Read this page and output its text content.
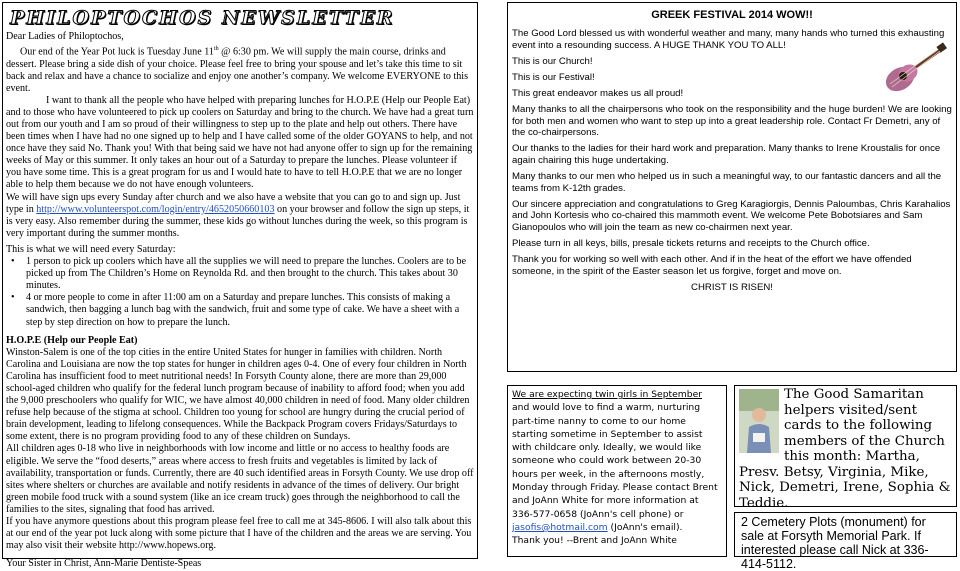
PHILOPTOCHOS NEWSLETTER

Dear Ladies of Philoptochos,

Our end of the Year Pot luck is Tuesday June 11th @ 6:30 pm. We will supply the main course, drinks and dessert. Please bring a side dish of your choice. Please feel free to bring your spouse and let’s take this time to sit back and relax and have a chance to socialize and enjoy one another’s company. We welcome EVERYONE to this event.

I want to thank all the people who have helped with preparing lunches for H.O.P.E (Help our People Eat) and to those who have volunteered to pick up coolers on Saturday and bring to the church. We have had a great turn out from our youth and I am so proud of their willingness to step up to the plate and help out others. There have been times when I have had no one signed up to help and I have called some of the older GOYANS to help, and not once have they said No. Thank you! With that being said we have not had anyone offer to sign up for the remaining weeks of May or this summer. It only takes an hour out of a Saturday to prepare the lunches. Please volunteer if you have some time. This is a great program for us and I would hate to have to tell H.O.P.E that we are no longer able to help them because we do not have enough volunteers.

We will have sign ups every Sunday after church and we also have a website that you can go to and sign up. Just type in http://www.volunteerspot.com/login/entry/4652050660103 on your browser and follow the sign up steps, it is very easy. Also remember during the summer, these kids go without lunches during the week, so this program is very important during the summer months.

This is what we will need every Saturday:

• 1 person to pick up coolers which have all the supplies we will need to prepare the lunches. Coolers are to be picked up from The Children’s Home on Reynolda Rd. and then brought to the church. This takes about 30 minutes.
• 4 or more people to come in after 11:00 am on a Saturday and prepare lunches. This consists of making a sandwich, then bagging a lunch bag with the sandwich, fruit and some type of cake. We have a sheet with a step by step direction on how to prepare the lunch.
H.O.P.E (Help our People Eat)

Winston-Salem is one of the top cities in the entire United States for hunger in families with children. North Carolina and Louisiana are now the top states for hunger in children ages 0-4. One of every four children in North Carolina has insufficient food to meet nutritional needs! In Forsyth County alone, there are more than 29,000 school-aged children who qualify for the federal lunch program because of inability to afford food; when you add the 9,000 preschoolers who qualify for WIC, we have almost 40,000 children in need of food. Many older children refuse help because of the stigma at school. Children too young for school are hungry during the crucial period of brain development, leading to lifelong consequences. While the Backpack Program covers Fridays/Saturdays to some extent, there is no program providing food to any of these children on Sundays.

All children ages 0-18 who live in neighborhoods with low income and little or no access to healthy foods are eligible. We serve the “food deserts,” areas where access to fresh fruits and vegetables is limited by lack of availability, transportation or funds. Currently, there are 40 such identified areas in Forsyth County. We use drop off sites where shelters or churches are available and notify residents in advance of the times of delivery. Our bright green mobile food truck with a sound system (like an ice cream truck) goes through the neighborhood to call the families to the sites, signaling that food has arrived.

If you have anymore questions about this program please feel free to call me at 345-8606. I will also talk about this at our end of the year pot luck along with some picture that I have of the children and the areas we are serving. You may also visit their website http://www.hopews.org.

Your Sister in Christ, Ann-Marie Dentiste-Speas

GREEK FESTIVAL 2014 WOW!!

The Good Lord blessed us with wonderful weather and many, many hands who turned this exhausting event into a resounding success. A HUGE THANK YOU TO ALL!

This is our Church!

This is our Festival!

This great endeavor makes us all proud!

Many thanks to all the chairpersons who took on the responsibility and the huge burden! We are looking for both men and women who want to step up into a great leadership role. Contact Fr Demetri, any of the co-chairpersons.

Our thanks to the ladies for their hard work and preparation. Many thanks to Irene Kroustalis for once again chairing this huge undertaking.

Many thanks to our men who helped us in such a meaningful way, to our fantastic dancers and all the teams from K-12th grades.

Our sincere appreciation and congratulations to Greg Karagiorgis, Dennis Paloumbas, Chris Karahalios and John Kortesis who co-chaired this mammoth event. We welcome Pete Bobotsiares and Sam Gianopoulos who will join the team as new co-chairmen next year.

Please turn in all keys, bills, presale tickets returns and receipts to the Church office.

Thank you for working so well with each other. And if in the heat of the effort we have offended someone, in the spirit of the Easter season let us forgive, forget and move on.

CHRIST IS RISEN!

We are expecting twin girls in September and would love to find a warm, nurturing part-time nanny to come to our home starting sometime in September to assist with childcare only. Ideally, we would like someone who could work between 20-30 hours per week, in the afternoons mostly, Monday through Friday. Please contact Brent and JoAnn White for more information at 336-577-0658 (JoAnn's cell phone) or jasofis@hotmail.com (JoAnn's email).
Thank you! --Brent and JoAnn White
The Good Samaritan helpers visited/sent cards to the following members of the Church this month: Martha, Presv. Betsy, Virginia, Mike, Nick, Demetri, Irene, Sophia & Teddie.
2 Cemetery Plots (monument) for sale at Forsyth Memorial Park. If interested please call Nick at 336-414-5112.
